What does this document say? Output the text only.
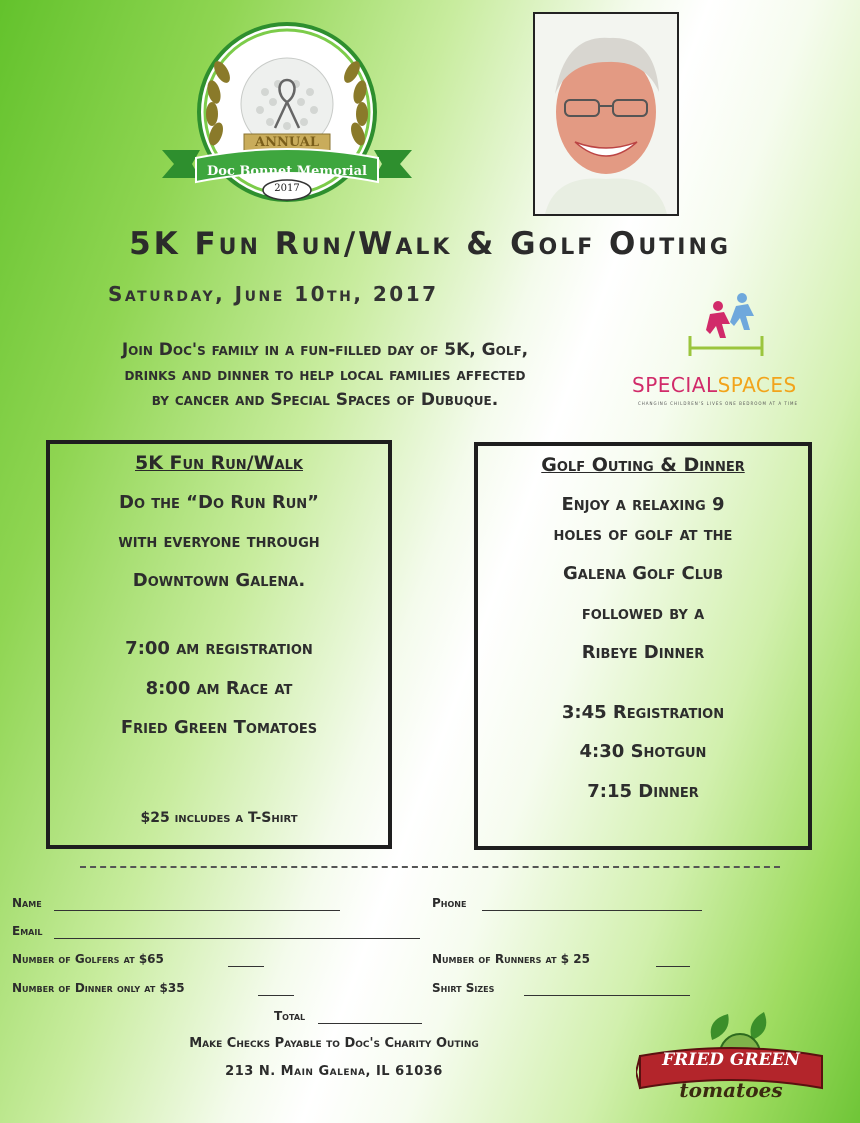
ANNUAL
Doc Bonnet Memorial
2017
5K Fun Run/Walk & Golf Outing
Saturday, June 10th, 2017
Join Doc's family in a fun-filled day of 5K, Golf,
drinks and dinner to help local families affected
by cancer and Special Spaces of Dubuque.
SPECIALSPACES
CHANGING CHILDREN'S LIVES ONE BEDROOM AT A TIME
5K Fun Run/Walk
Do the “Do Run Run”
with everyone through
Downtown Galena.
7:00 am registration
8:00 am Race at
Fried Green Tomatoes
$25 includes a T-Shirt
Golf Outing & Dinner
Enjoy a relaxing 9
holes of golf at the
Galena Golf Club
followed by a
Ribeye Dinner
3:45 Registration
4:30 Shotgun
7:15 Dinner
Name	Phone
Email
Number of Golfers at $65	Number of Runners at $ 25
Number of Dinner only at $35	Shirt Sizes
Total
Make Checks Payable to Doc's Charity Outing
213 N. Main Galena, IL 61036
FRIED GREEN
tomatoes
